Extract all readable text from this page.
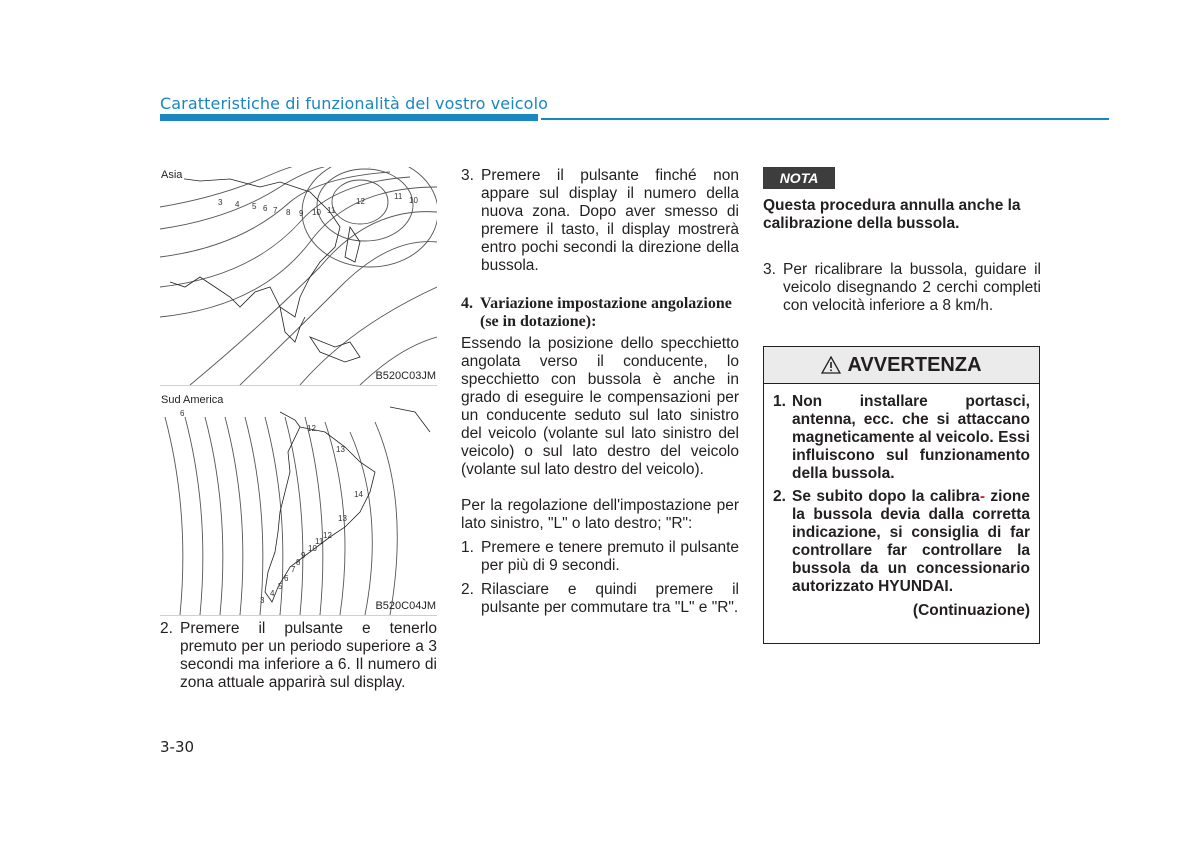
Caratteristiche di funzionalità del vostro veicolo
3 4 5 6 7 8 9 10 11
12
11 10
Asia
B520C03JM
6
12
13
14
13
12
11
10
9
8
7
6
5
4
3
Sud America
B520C04JM
2. Premere il pulsante e tenerlo premuto per un periodo superiore a 3 secondi ma inferiore a 6. Il numero di zona attuale apparirà sul display.
3. Premere il pulsante finché non appare sul display il numero della nuova zona. Dopo aver smesso di premere il tasto, il display mostrerà entro pochi secondi la direzione della bussola.
4. Variazione impostazione angolazione (se in dotazione):
Essendo la posizione dello specchietto angolata verso il conducente, lo specchietto con bussola è anche in grado di eseguire le compensazioni per un conducente seduto sul lato sinistro del veicolo (volante sul lato sinistro del veicolo) o sul lato destro del veicolo (volante sul lato destro del veicolo).
Per la regolazione dell'impostazione per lato sinistro, "L" o lato destro; "R":
1. Premere e tenere premuto il pulsante per più di 9 secondi.
2. Rilasciare e quindi premere il pulsante per commutare tra "L" e "R".
NOTA
Questa procedura annulla anche la calibrazione della bussola.
3. Per ricalibrare la bussola, guidare il veicolo disegnando 2 cerchi completi con velocità inferiore a 8 km/h.
AVVERTENZA
1. Non installare portasci, antenna, ecc. che si attaccano magneticamente al veicolo. Essi influiscono sul funzionamento della bussola.
2. Se subito dopo la calibra- zione la bussola devia dalla corretta indicazione, si consiglia di far controllare far controllare la bussola da un concessionario autorizzato HYUNDAI.
(Continuazione)
3-30
